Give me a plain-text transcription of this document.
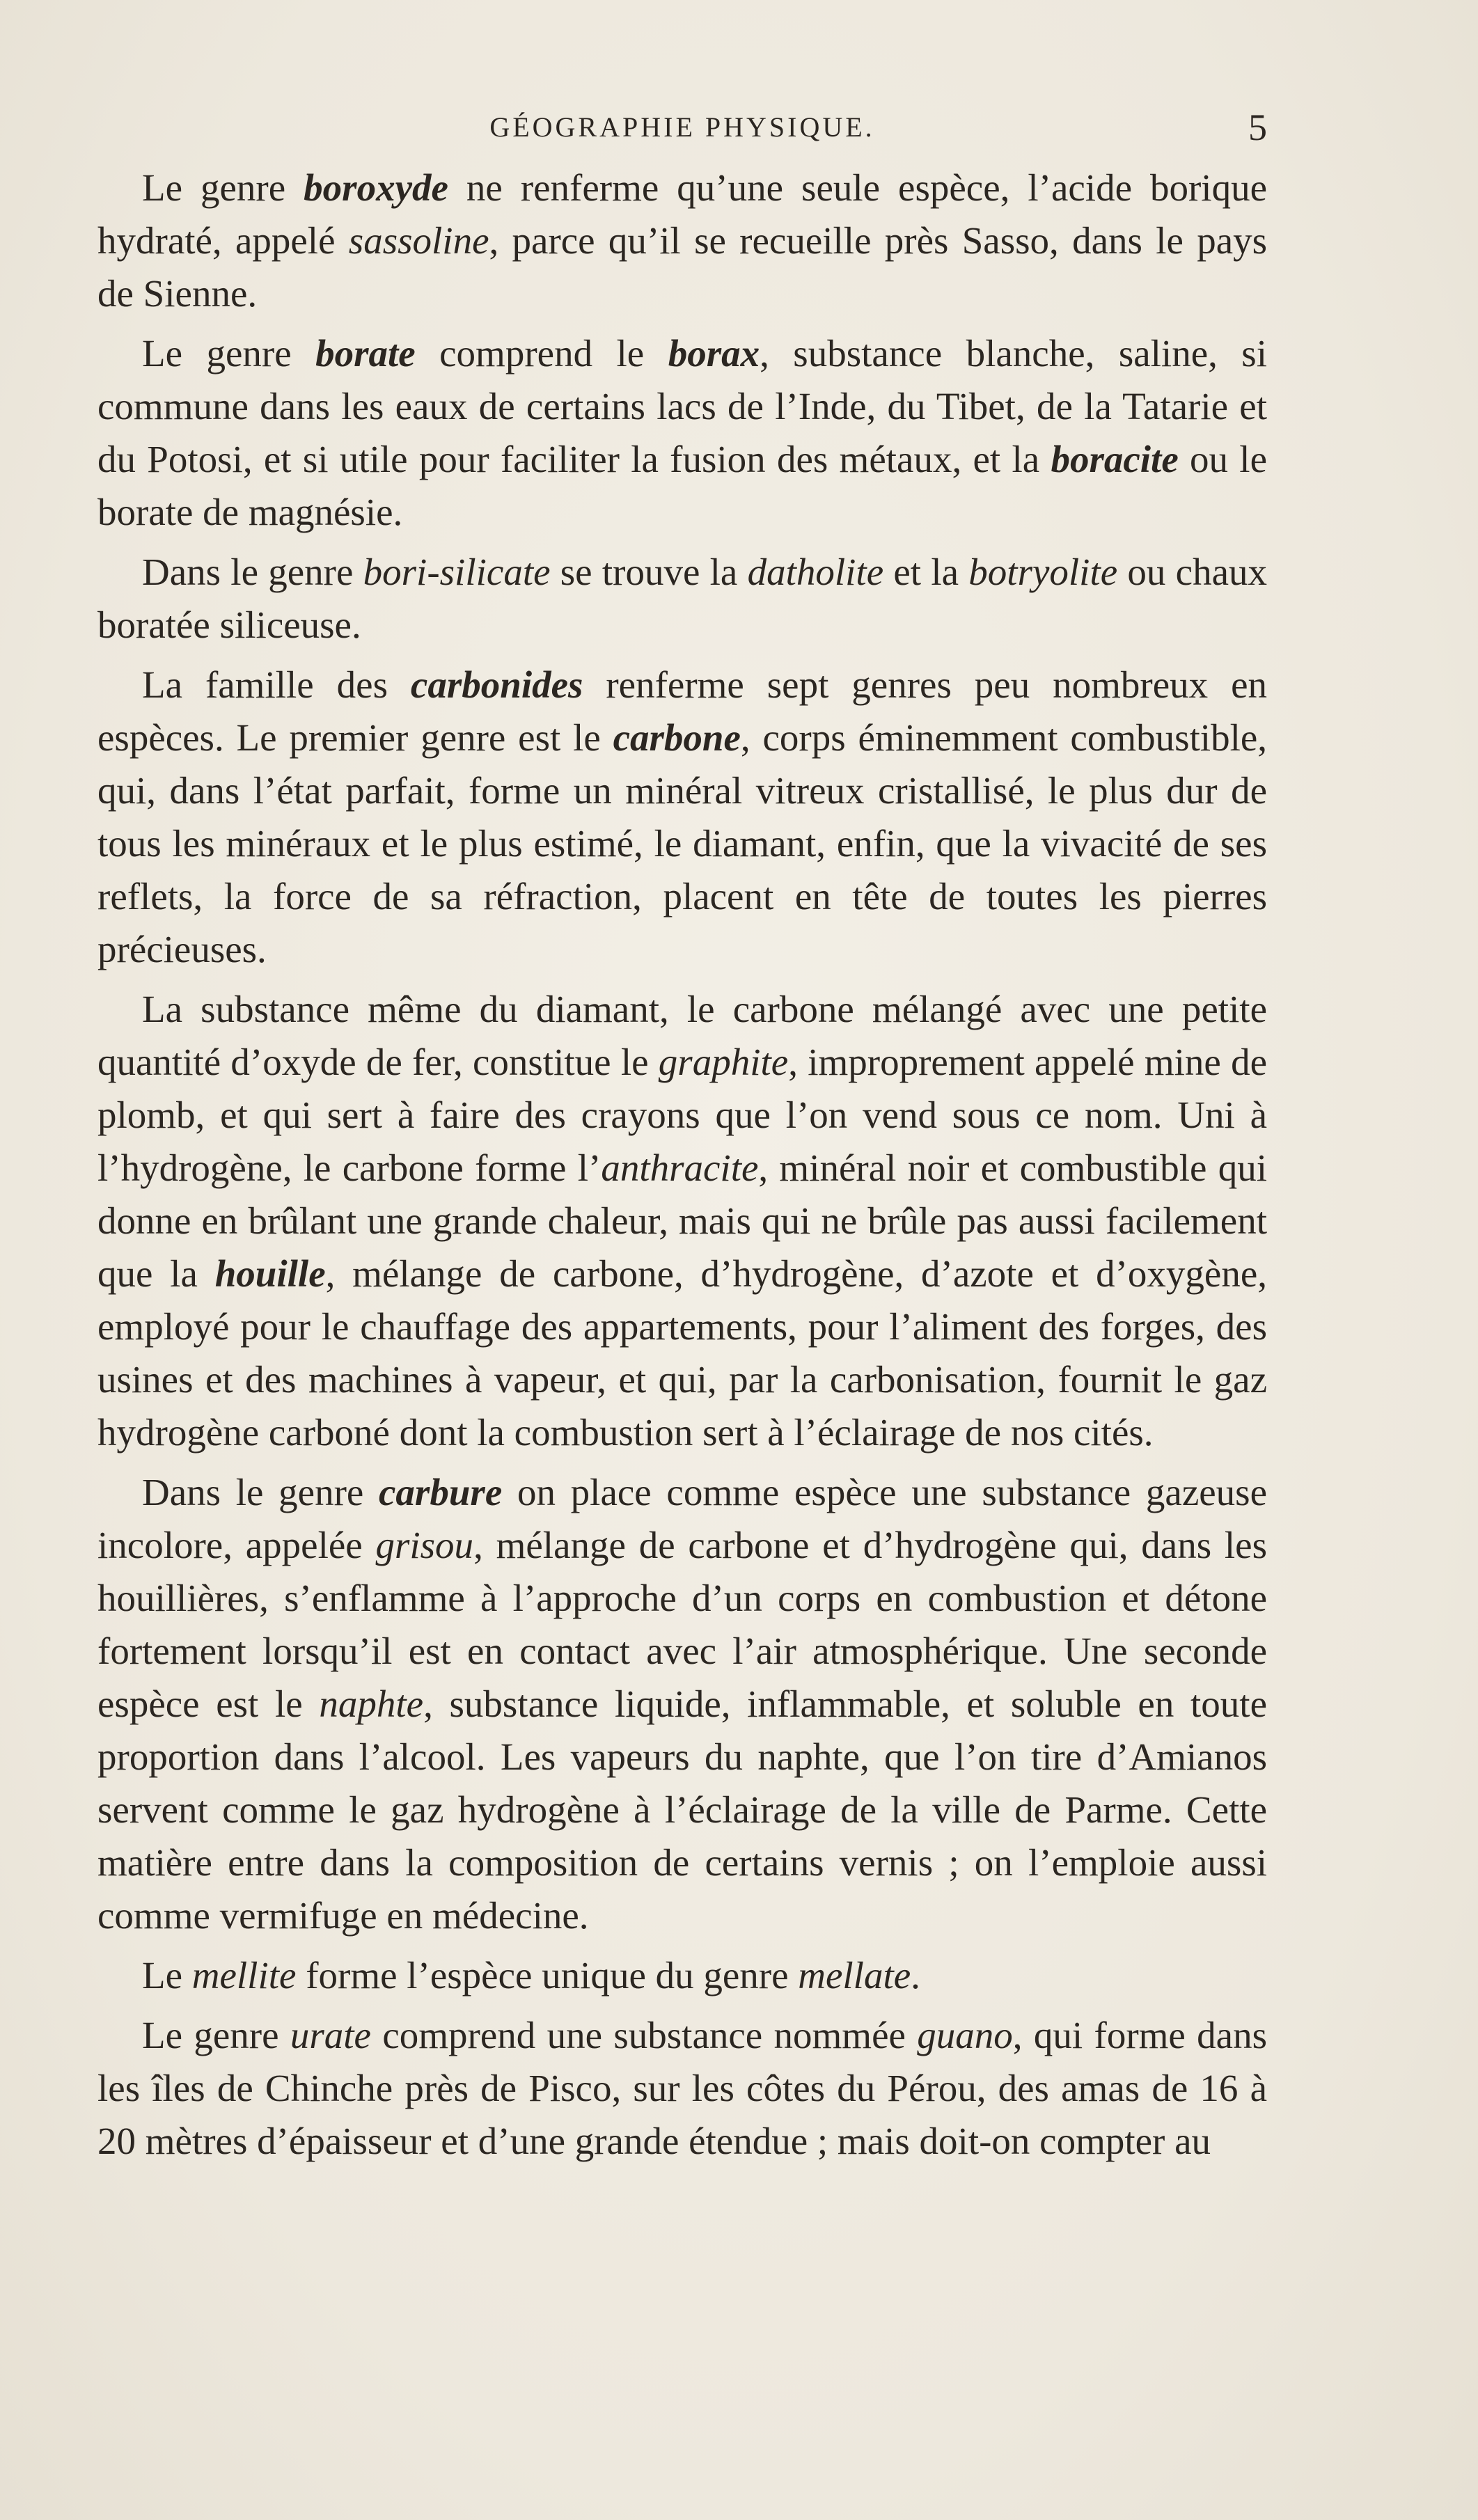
GÉOGRAPHIE PHYSIQUE.	5

Le genre boroxyde ne renferme qu’une seule espèce, l’acide borique hydraté, appelé sassoline, parce qu’il se recueille près Sasso, dans le pays de Sienne.

Le genre borate comprend le borax, substance blanche, saline, si commune dans les eaux de certains lacs de l’Inde, du Tibet, de la Tatarie et du Potosi, et si utile pour faciliter la fusion des métaux, et la boracite ou le borate de magnésie.

Dans le genre bori-silicate se trouve la datholite et la botryolite ou chaux boratée siliceuse.

La famille des carbonides renferme sept genres peu nombreux en espèces. Le premier genre est le carbone, corps éminemment combustible, qui, dans l’état parfait, forme un minéral vitreux cristallisé, le plus dur de tous les minéraux et le plus estimé, le diamant, enfin, que la vivacité de ses reflets, la force de sa réfraction, placent en tête de toutes les pierres précieuses.

La substance même du diamant, le carbone mélangé avec une petite quantité d’oxyde de fer, constitue le graphite, improprement appelé mine de plomb, et qui sert à faire des crayons que l’on vend sous ce nom. Uni à l’hydrogène, le carbone forme l’anthracite, minéral noir et combustible qui donne en brûlant une grande chaleur, mais qui ne brûle pas aussi facilement que la houille, mélange de carbone, d’hydrogène, d’azote et d’oxygène, employé pour le chauffage des appartements, pour l’aliment des forges, des usines et des machines à vapeur, et qui, par la carbonisation, fournit le gaz hydrogène carboné dont la combustion sert à l’éclairage de nos cités.

Dans le genre carbure on place comme espèce une substance gazeuse incolore, appelée grisou, mélange de carbone et d’hydrogène qui, dans les houillières, s’enflamme à l’approche d’un corps en combustion et détone fortement lorsqu’il est en contact avec l’air atmosphérique. Une seconde espèce est le naphte, substance liquide, inflammable, et soluble en toute proportion dans l’alcool. Les vapeurs du naphte, que l’on tire d’Amianos servent comme le gaz hydrogène à l’éclairage de la ville de Parme. Cette matière entre dans la composition de certains vernis ; on l’emploie aussi comme vermifuge en médecine.

Le mellite forme l’espèce unique du genre mellate.

Le genre urate comprend une substance nommée guano, qui forme dans les îles de Chinche près de Pisco, sur les côtes du Pérou, des amas de 16 à 20 mètres d’épaisseur et d’une grande étendue ; mais doit-on compter au
